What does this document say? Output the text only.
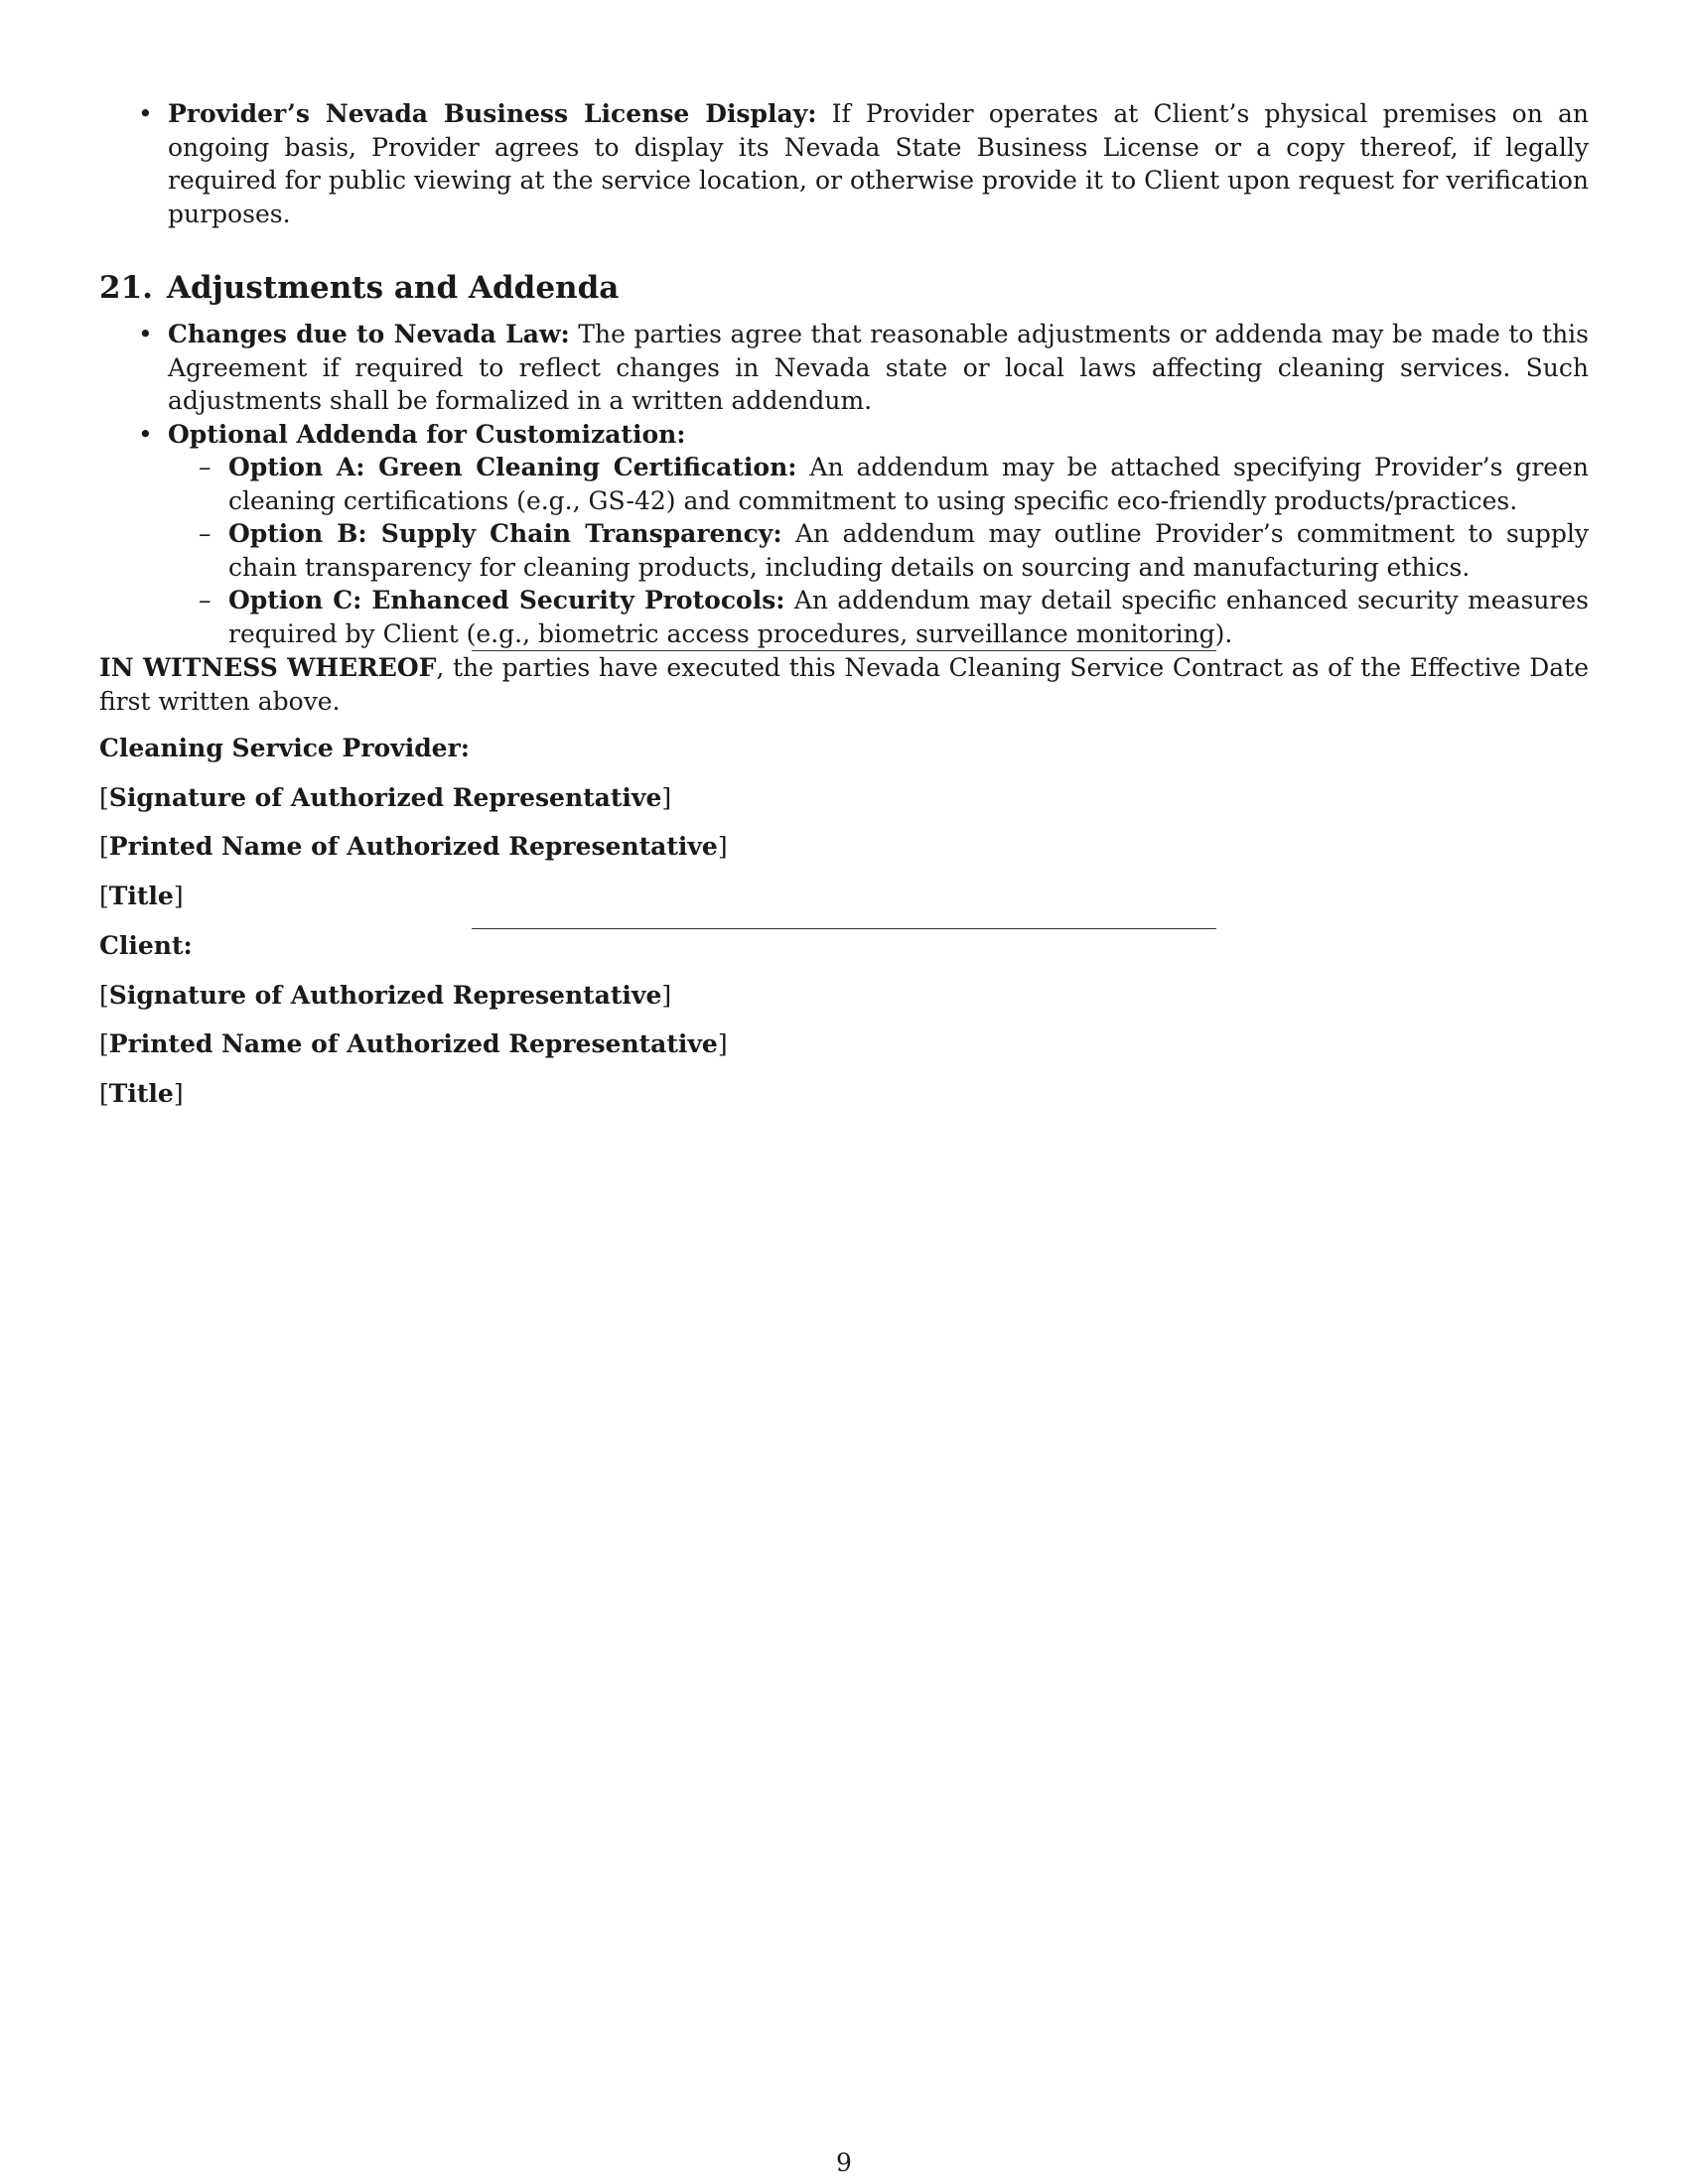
• Provider’s Nevada Business License Display: If Provider operates at Client’s physical premises on an ongoing basis, Provider agrees to display its Nevada State Business License or a copy thereof, if legally required for public viewing at the service location, or otherwise provide it to Client upon request for verification purposes.
21. Adjustments and Addenda
• Changes due to Nevada Law: The parties agree that reasonable adjustments or addenda may be made to this Agreement if required to reflect changes in Nevada state or local laws affecting cleaning services. Such adjustments shall be formalized in a written addendum.
• Optional Addenda for Customization:
– Option A: Green Cleaning Certification: An addendum may be attached specifying Provider’s green cleaning certifications (e.g., GS-42) and commitment to using specific eco-friendly products/practices.
– Option B: Supply Chain Transparency: An addendum may outline Provider’s commitment to supply chain transparency for cleaning products, including details on sourcing and manufacturing ethics.
– Option C: Enhanced Security Protocols: An addendum may detail specific enhanced security measures required by Client (e.g., biometric access procedures, surveillance monitoring).

IN WITNESS WHEREOF, the parties have executed this Nevada Cleaning Service Contract as of the Effective Date first written above.

Cleaning Service Provider:

[Signature of Authorized Representative]

[Printed Name of Authorized Representative]

[Title]

Client:

[Signature of Authorized Representative]

[Printed Name of Authorized Representative]

[Title]

9
